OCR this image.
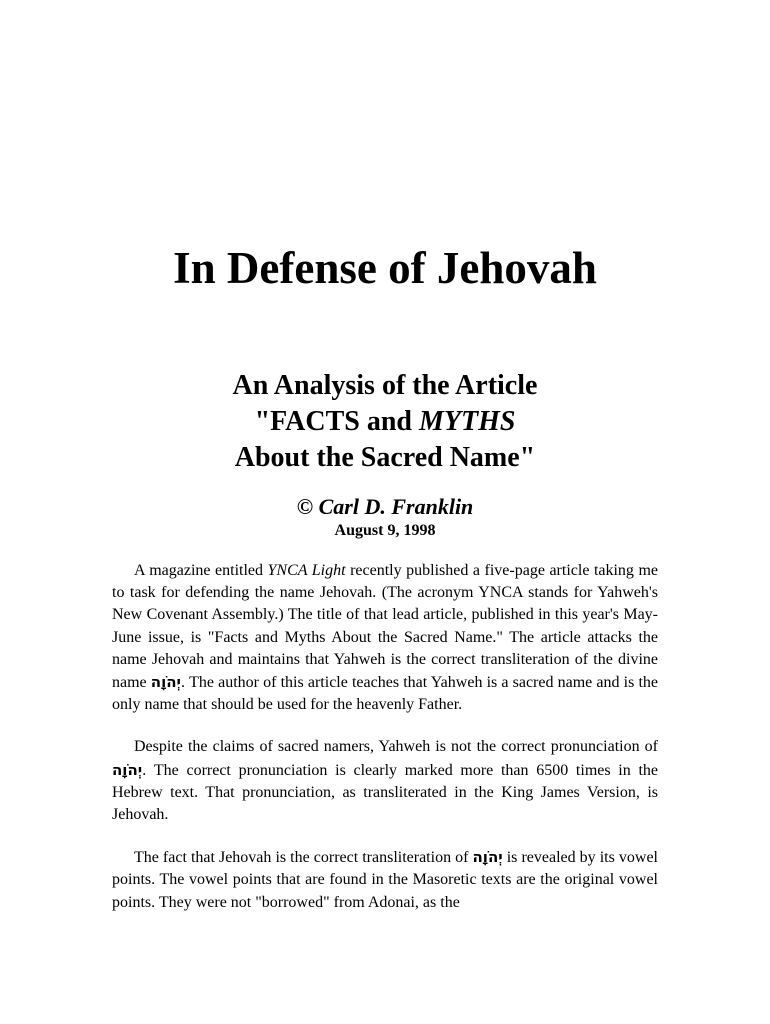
In Defense of Jehovah
An Analysis of the Article
"FACTS and MYTHS
About the Sacred Name"
© Carl D. Franklin
August 9, 1998

A magazine entitled YNCA Light recently published a five-page article taking me to task for defending the name Jehovah. (The acronym YNCA stands for Yahweh's New Covenant Assembly.) The title of that lead article, published in this year's May-June issue, is "Facts and Myths About the Sacred Name." The article attacks the name Jehovah and maintains that Yahweh is the correct transliteration of the divine name יְהֹוָה. The author of this article teaches that Yahweh is a sacred name and is the only name that should be used for the heavenly Father.

Despite the claims of sacred namers, Yahweh is not the correct pronunciation of יְהֹוָה. The correct pronunciation is clearly marked more than 6500 times in the Hebrew text. That pronunciation, as transliterated in the King James Version, is Jehovah.

The fact that Jehovah is the correct transliteration of יְהֹוָה is revealed by its vowel points. The vowel points that are found in the Masoretic texts are the original vowel points. They were not "borrowed" from Adonai, as the
